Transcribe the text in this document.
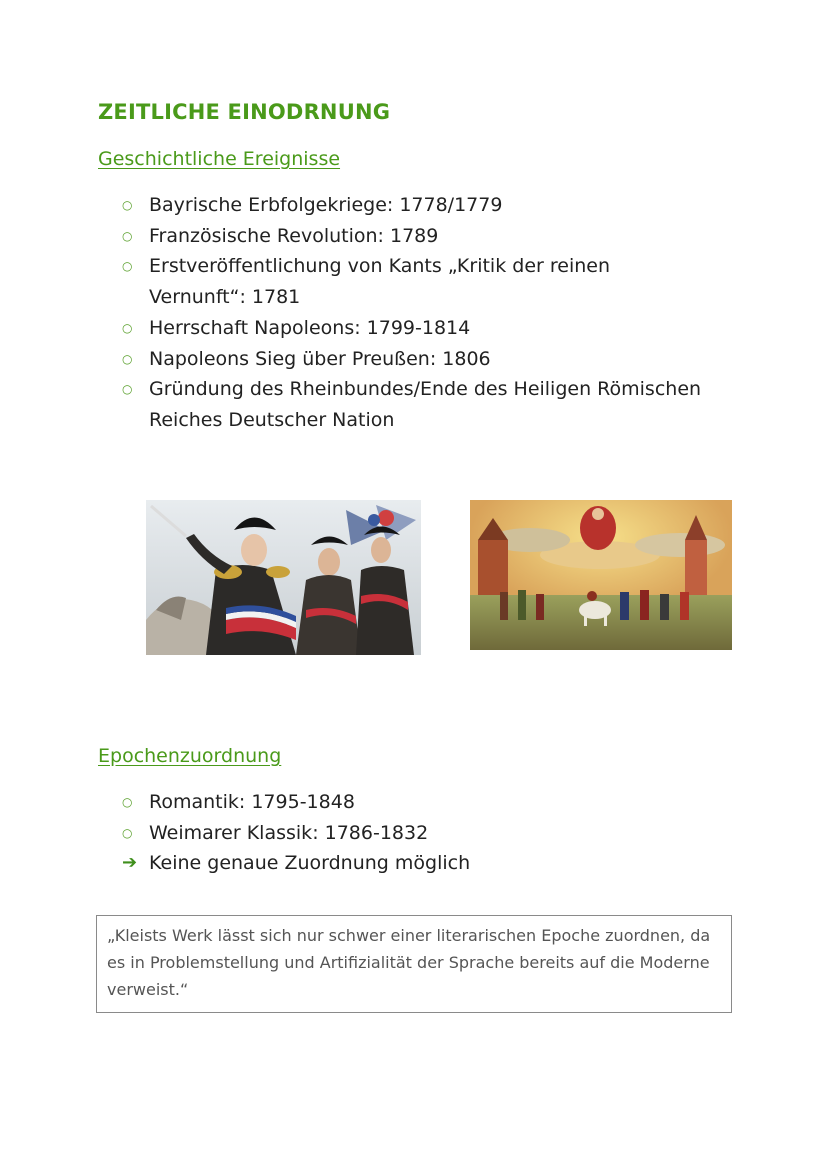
ZEITLICHE EINODRNUNG
Geschichtliche Ereignisse
○ Bayrische Erbfolgekriege: 1778/1779
○ Französische Revolution: 1789
○ Erstveröffentlichung von Kants „Kritik der reinen Vernunft“: 1781
○ Herrschaft Napoleons: 1799-1814
○ Napoleons Sieg über Preußen: 1806
○ Gründung des Rheinbundes/Ende des Heiligen Römischen Reiches Deutscher Nation
Epochenzuordnung
○ Romantik: 1795-1848
○ Weimarer Klassik: 1786-1832
➔ Keine genaue Zuordnung möglich
„Kleists Werk lässt sich nur schwer einer literarischen Epoche zuordnen, da es in Problemstellung und Artifizialität der Sprache bereits auf die Moderne verweist.“
